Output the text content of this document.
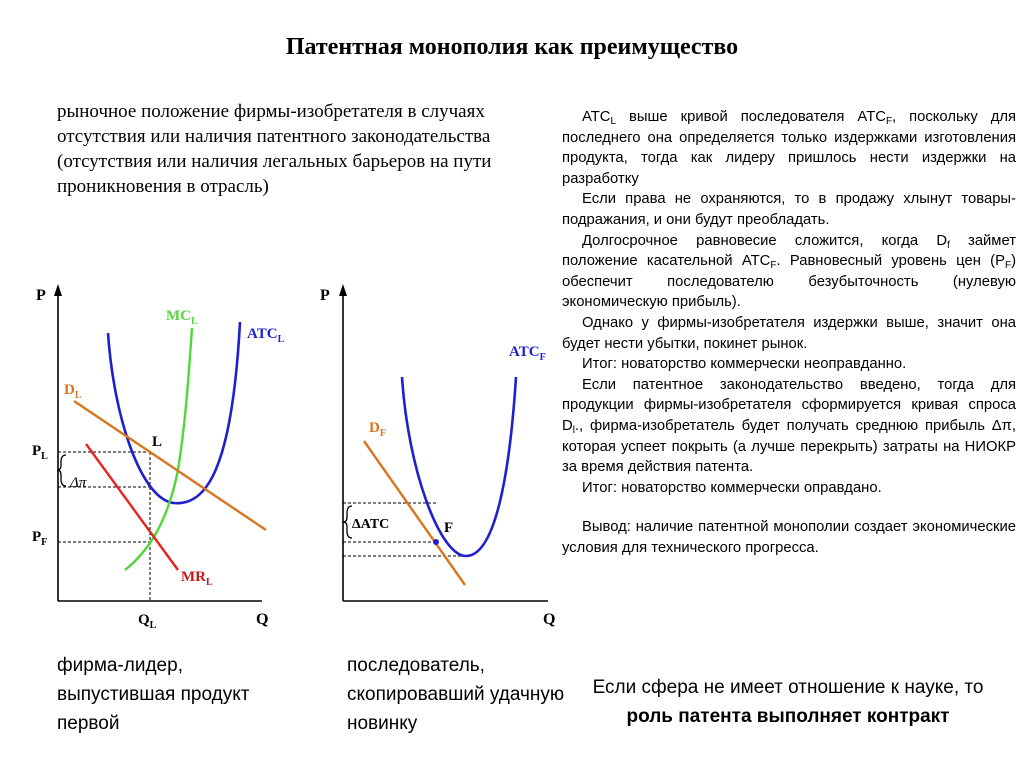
Патентная монополия как преимущество
рыночное положение фирмы-изобретателя в случаях отсутствия или наличия патентного законодательства (отсутствия или наличия легальных барьеров на пути проникновения в отрасль)

$ATC_L$ выше кривой последователя $ATC_F$, поскольку для последнего она определяется только издержками изготовления продукта, тогда как лидеру пришлось нести издержки на разработку

Если права не охраняются, то в продажу хлынут товары-подражания, и они будут преобладать.

Долгосрочное равновесие сложится, когда $D_f$ займет положение касательной $ATC_F$. Равновесный уровень цен $(P_F)$ обеспечит последователю безубыточность (нулевую экономическую прибыль).

Однако у фирмы-изобретателя издержки выше, значит она будет нести убытки, покинет рынок.

Итог: новаторство коммерчески неоправданно.

Если патентное законодательство введено, тогда для продукции фирмы-изобретателя сформируется кривая спроса $D_l$., фирма-изобретатель будет получать среднюю прибыль Δπ, которая успеет покрыть (а лучше перекрыть) затраты на НИОКР за время действия патента.

Итог: новаторство коммерчески оправдано.

Вывод: наличие патентной монополии создает экономические условия для технического прогресса.

P
Q
$MC_L$
$ATC_L$
$D_L$
$MR_L$
L
$P_L$
$P_F$
Δπ
$Q_L$
P
Q
$ATC_F$
$D_F$
F
ΔATC
фирма-лидер, выпустившая продукт первой
последователь, скопировавший удачную новинку
Если сфера не имеет отношение к науке, то роль патента выполняет контракт
